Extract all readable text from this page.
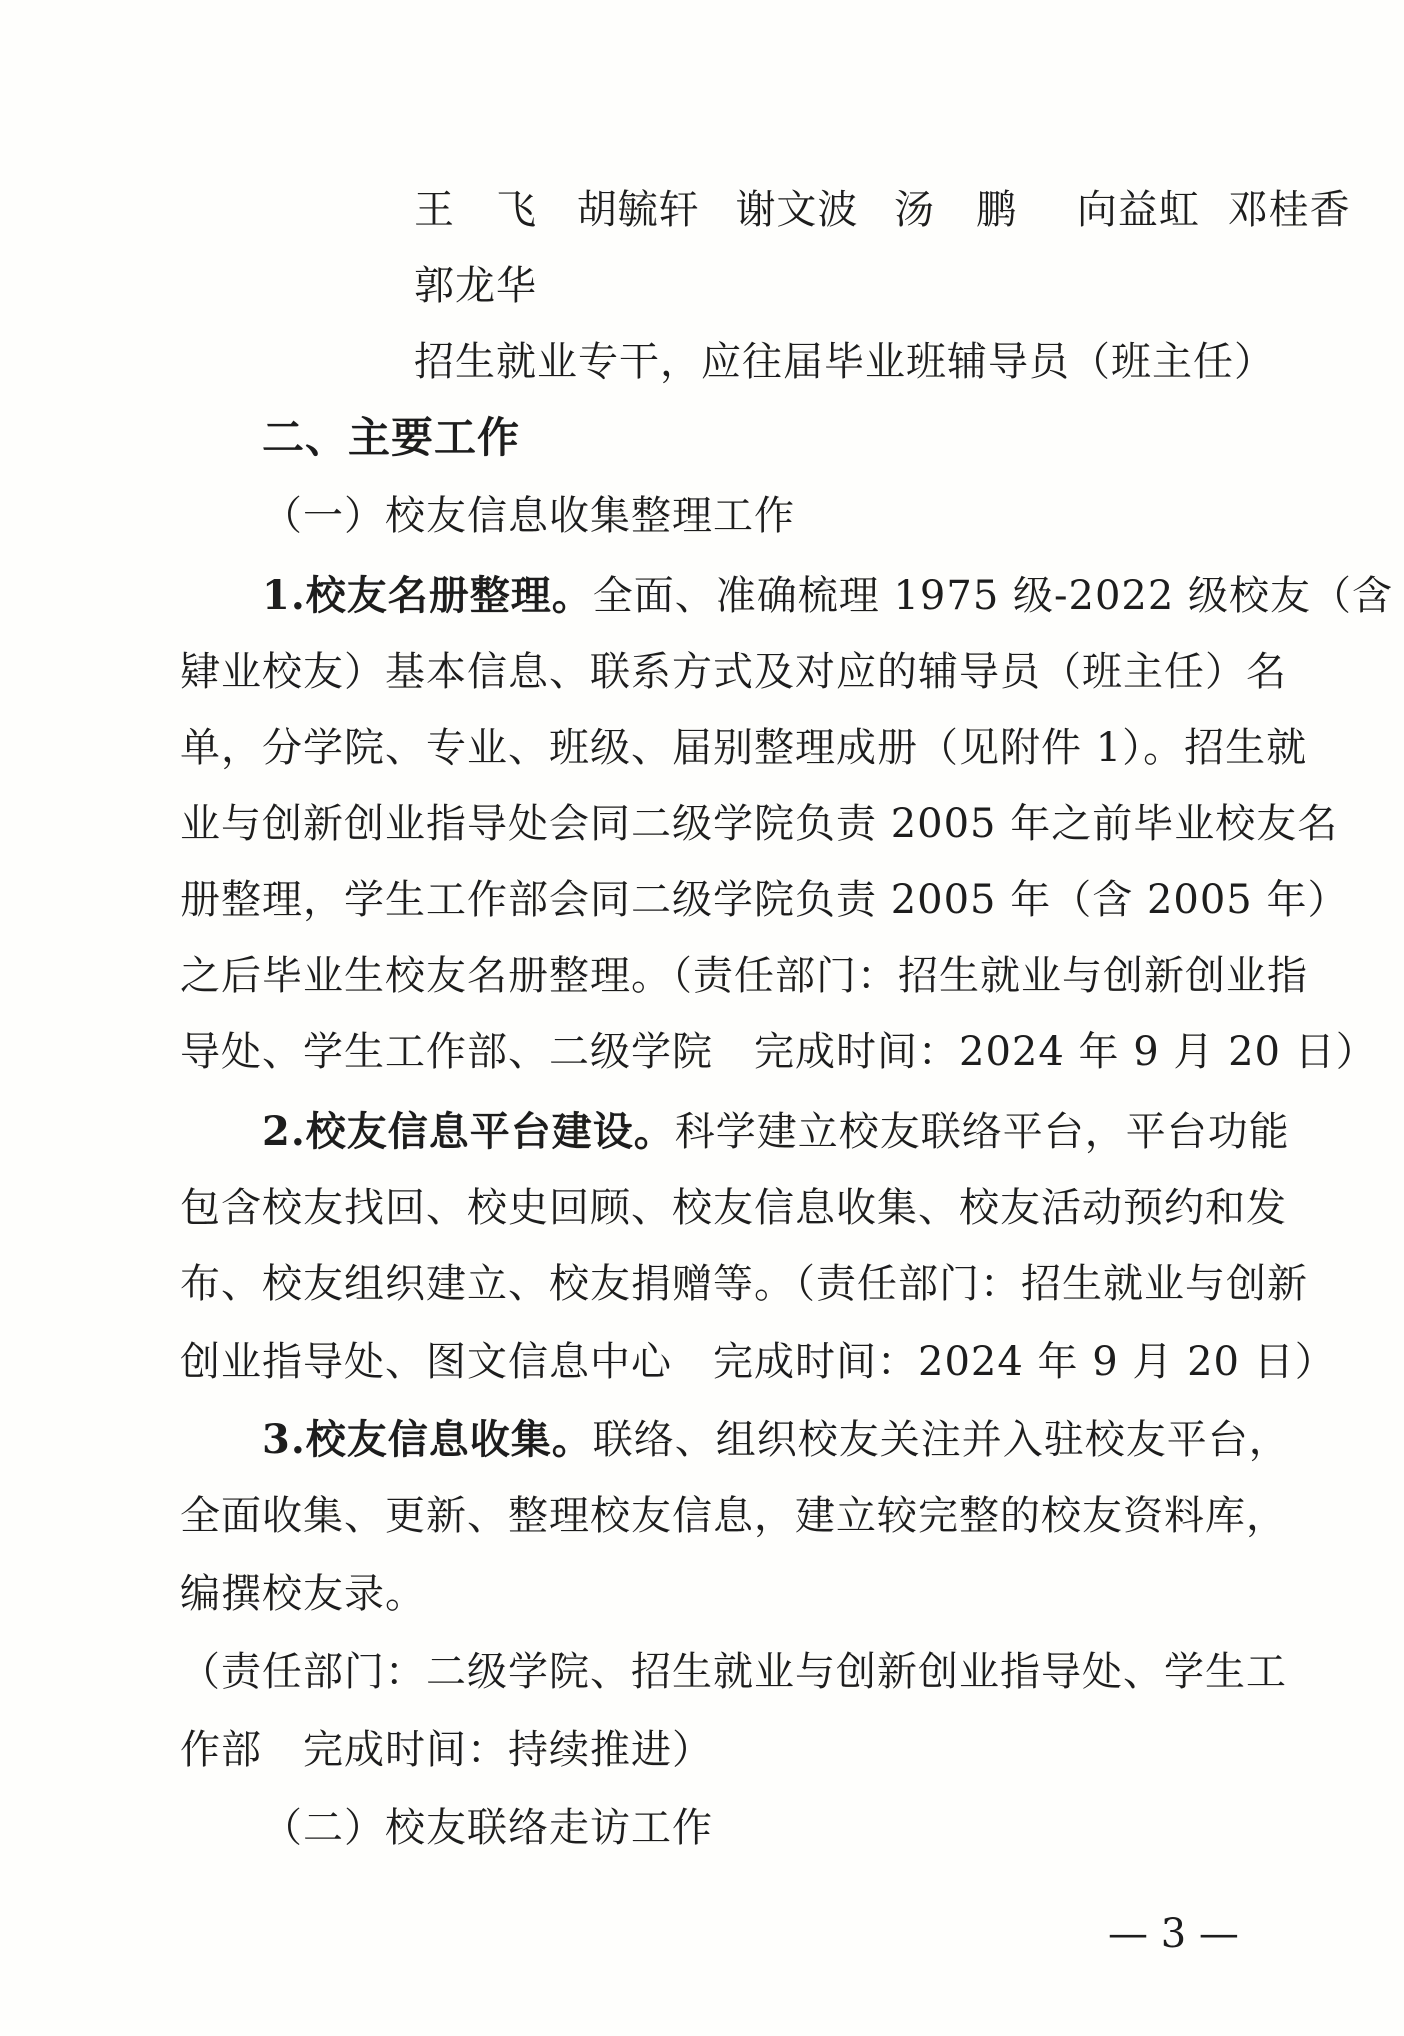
王　飞 胡毓轩 谢文波 汤　鹏 向益虹 邓桂香
郭龙华
招生就业专干，应往届毕业班辅导员（班主任）
二、主要工作
（一）校友信息收集整理工作
1.校友名册整理。全面、准确梳理 1975 级-2022 级校友（含
肄业校友）基本信息、联系方式及对应的辅导员（班主任）名
单，分学院、专业、班级、届别整理成册（见附件 1）。招生就
业与创新创业指导处会同二级学院负责 2005 年之前毕业校友名
册整理，学生工作部会同二级学院负责 2005 年（含 2005 年）
之后毕业生校友名册整理。（责任部门：招生就业与创新创业指
导处、学生工作部、二级学院　完成时间：2024 年 9 月 20 日）
2.校友信息平台建设。科学建立校友联络平台，平台功能
包含校友找回、校史回顾、校友信息收集、校友活动预约和发
布、校友组织建立、校友捐赠等。（责任部门：招生就业与创新
创业指导处、图文信息中心　完成时间：2024 年 9 月 20 日）
3.校友信息收集。联络、组织校友关注并入驻校友平台，
全面收集、更新、整理校友信息，建立较完整的校友资料库，
编撰校友录。
（责任部门：二级学院、招生就业与创新创业指导处、学生工
作部　完成时间：持续推进）
（二）校友联络走访工作
— 3 —
